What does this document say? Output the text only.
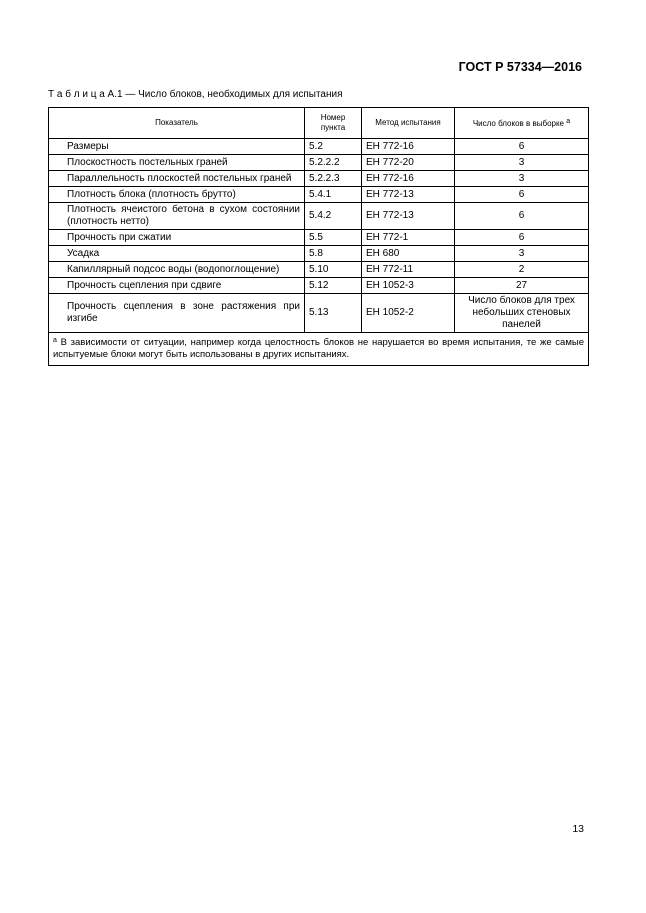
ГОСТ Р 57334—2016
Т а б л и ц а А.1 — Число блоков, необходимых для испытания
Показатель	Номер пункта	Метод испытания	Число блоков в выборке $^а$
Размеры	5.2	ЕН 772-16	6
Плоскостность постельных граней	5.2.2.2	ЕН 772-20	3
Параллельность плоскостей постельных граней	5.2.2.3	ЕН 772-16	3
Плотность блока (плотность брутто)	5.4.1	ЕН 772-13	6
Плотность ячеистого бетона в сухом состоянии (плотность нетто)	5.4.2	ЕН 772-13	6
Прочность при сжатии	5.5	ЕН 772-1	6
Усадка	5.8	ЕН 680	3
Капиллярный подсос воды (водопоглощение)	5.10	ЕН 772-11	2
Прочность сцепления при сдвиге	5.12	ЕН 1052-3	27
Прочность сцепления в зоне растяжения при изгибе	5.13	ЕН 1052-2	Число блоков для трех небольших стеновых панелей
$^а$ В зависимости от ситуации, например когда целостность блоков не нарушается во время испытания, те же самые испытуемые блоки могут быть использованы в других испытаниях.			
13
